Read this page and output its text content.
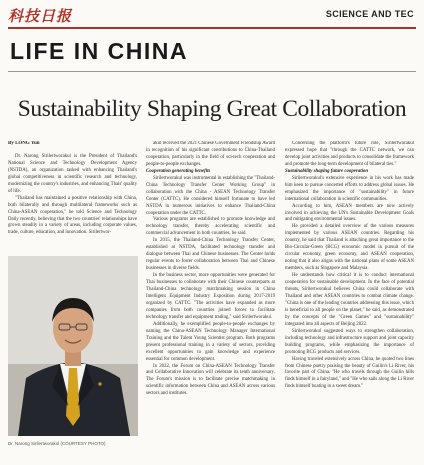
科技日报	SCIENCE AND TEC
LIFE IN CHINA
Sustainability Shaping Great Collaboration
By LONG Yun

Dr. Narong Sirilertworakul is the President of Thailand's National Science and Technology Development Agency (NSTDA), an organization tasked with enhancing Thailand's global competitiveness in scientific research and technology, modernizing the country's industries, and enhancing Thais' quality of life.

"Thailand has maintained a positive relationship with China, both bilaterally and through multilateral frameworks such as China-ASEAN cooperation," he told Science and Technology Daily recently, believing that the two countries' relationships have grown steadily in a variety of areas, including corporate values, trade, culture, education, and innovation. Sirilertwor-

akul received the 2021 Chinese Government Friendship Award in recognition of his significant contributions to China-Thailand cooperation, particularly in the field of sci-tech cooperation and people-to-people exchanges.

Cooperation generating benefits

Sirilertworakul was instrumental in establishing the "Thailand-China Technology Transfer Center Working Group" in collaboration with the China - ASEAN Technology Transfer Center (CATTC). He considered himself fortunate to have led NSTDA in numerous initiatives to enhance Thailand-China cooperation under the CATTC.

Various programs are established to promote knowledge and technology transfer, thereby accelerating scientific and commercial advancement in both countries, he said.

In 2015, the Thailand-China Technology Transfer Center, established at NSTDA, facilitated technology transfer and dialogue between Thai and Chinese businesses. The Center holds regular events to foster collaboration between Thai and Chinese businesses in diverse fields.

In the business sector, more opportunities were generated for Thai businesses to collaborate with their Chinese counterparts at Thailand-China technology matchmaking session in China Intelligent Equipment Industry Exposition during 2017-2019 organized by CATTC. "The activities have expanded as more companies from both countries joined forces to facilitate technology transfer and equipment trading," said Sirilertworakul.

Additionally, he exemplified people-to-people exchanges by naming the China-ASEAN Technology Manager International Training and the Talent Young Scientist program. Both programs present professional training in a variety of sectors, providing excellent opportunities to gain knowledge and experience essential for common development.

In 2022, the Forum on China-ASEAN Technology Transfer and Collaborative Innovation will celebrate its tenth anniversary. The Forum's mission is to facilitate precise matchmaking in scientific information between China and ASEAN across various sectors and institutes.

Concerning the platform's future role, Sirilertworakul expressed hope that "through the CATTC network, we can develop joint activities and products to consolidate the framework and promote the long-term development of bilateral ties."

Sustainability shaping future cooperation

Sirilertworakul's extensive experience in his work has made him keen to pursue concerted efforts to address global issues. He emphasized the importance of "sustainability" in future international collaboration in scientific communities.

According to him, ASEAN members are now actively involved in achieving the UN's Sustainable Development Goals and mitigating environmental issues.

He provided a detailed overview of the various measures implemented by various ASEAN countries. Regarding his country, he said that Thailand is attaching great importance to the Bio-Circular-Green (BCG) economic model in pursuit of the circular economy, green economy, and ASEAN cooperation, noting that it also aligns with the national plans of some ASEAN members, such as Singapore and Malaysia.

He understands how critical it is to conduct international cooperation for sustainable development. In the face of potential threats, Sirilertworakul believes China could collaborate with Thailand and other ASEAN countries to combat climate change. "China is one of the leading countries addressing this issue, which is beneficial to all people on the planet," he said, as demonstrated by the concepts of the "Green Games" and "sustainability" integrated into all aspects of Beijing 2022.

Sirilertworakul suggested ways to strengthen collaboration, including technology and infrastructure support and joint capacity building programs, while emphasizing the importance of promoting BCG products and services.

Having traveled extensively across China, he quoted two lines from Chinese poetry praising the beauty of Guilin's Li River, his favorite part of China. "He who travels through the Guilin hills finds himself in a fairyland," and "He who sails along the Li River finds himself boating in a sweet dream."

Dr. Narong Sirilertworakul (COURTESY PHOTO)
